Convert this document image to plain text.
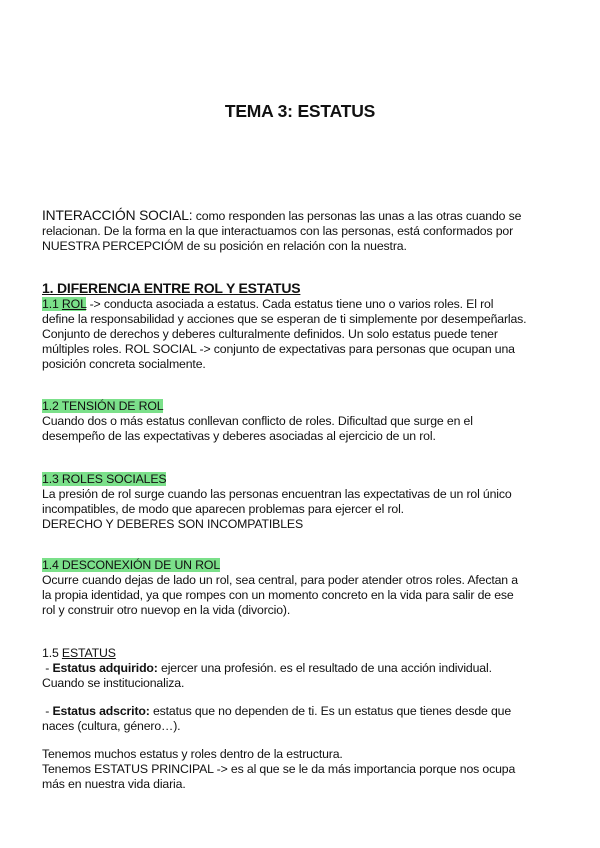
TEMA 3: ESTATUS
INTERACCIÓN SOCIAL: como responden las personas las unas a las otras cuando se
relacionan. De la forma en la que interactuamos con las personas, está conformados por
NUESTRA PERCEPCIÓM de su posición en relación con la nuestra.
1. DIFERENCIA ENTRE ROL Y ESTATUS
1.1 ROL -> conducta asociada a estatus. Cada estatus tiene uno o varios roles. El rol
define la responsabilidad y acciones que se esperan de ti simplemente por desempeñarlas.
Conjunto de derechos y deberes culturalmente definidos. Un solo estatus puede tener
múltiples roles. ROL SOCIAL -> conjunto de expectativas para personas que ocupan una
posición concreta socialmente.
1.2 TENSIÓN DE ROL
Cuando dos o más estatus conllevan conflicto de roles. Dificultad que surge en el
desempeño de las expectativas y deberes asociadas al ejercicio de un rol.
1.3 ROLES SOCIALES
La presión de rol surge cuando las personas encuentran las expectativas de un rol único
incompatibles, de modo que aparecen problemas para ejercer el rol.
DERECHO Y DEBERES SON INCOMPATIBLES
1.4 DESCONEXIÓN DE UN ROL
Ocurre cuando dejas de lado un rol, sea central, para poder atender otros roles. Afectan a
la propia identidad, ya que rompes con un momento concreto en la vida para salir de ese
rol y construir otro nuevop en la vida (divorcio).
1.5 ESTATUS
- Estatus adquirido: ejercer una profesión. es el resultado de una acción individual.
Cuando se institucionaliza.
- Estatus adscrito: estatus que no dependen de ti. Es un estatus que tienes desde que
naces (cultura, género…).
Tenemos muchos estatus y roles dentro de la estructura.
Tenemos ESTATUS PRINCIPAL -> es al que se le da más importancia porque nos ocupa
más en nuestra vida diaria.
